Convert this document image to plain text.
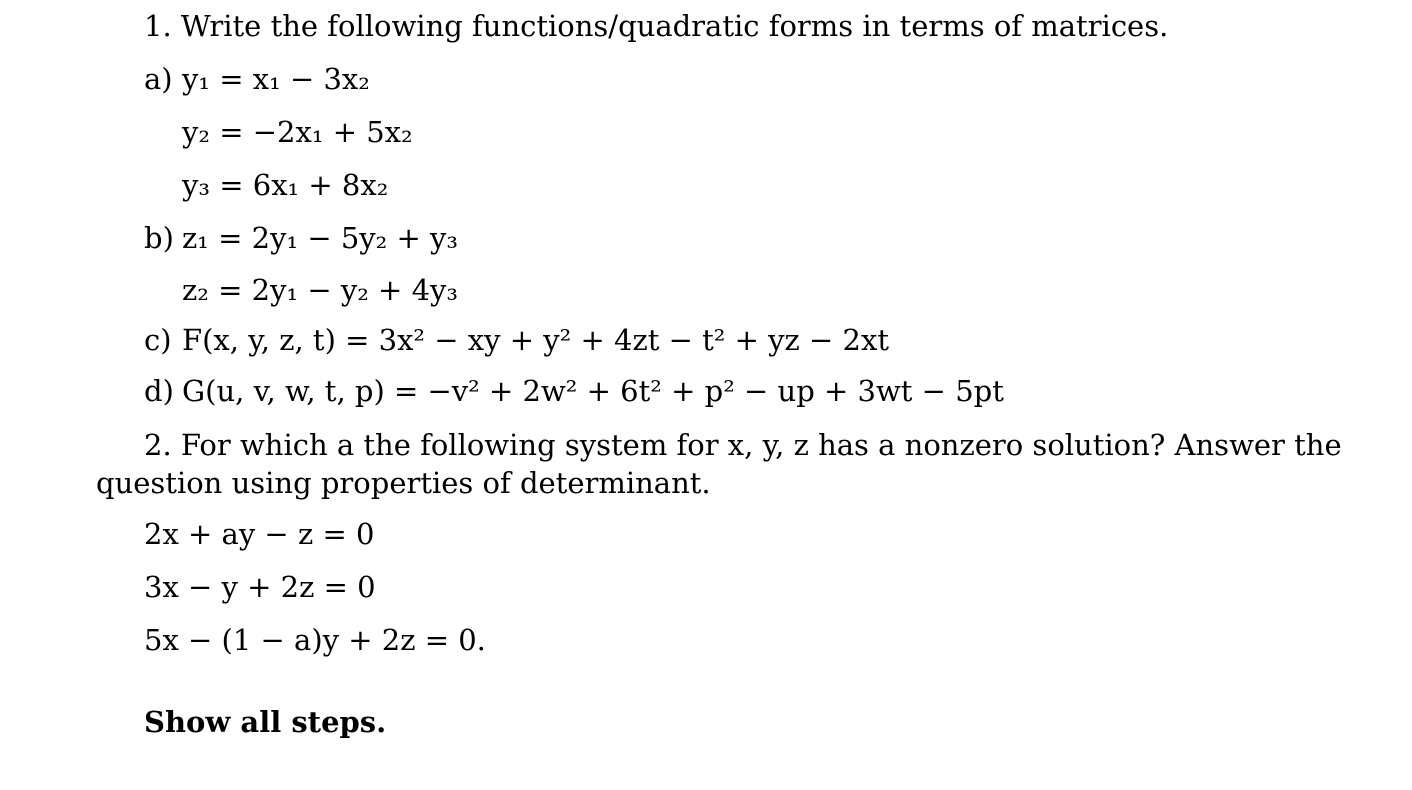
1. Write the following functions/quadratic forms in terms of matrices.
a) y₁ = x₁ − 3x₂
y₂ = −2x₁ + 5x₂
y₃ = 6x₁ + 8x₂
b) z₁ = 2y₁ − 5y₂ + y₃
z₂ = 2y₁ − y₂ + 4y₃
c) F(x, y, z, t) = 3x² − xy + y² + 4zt − t² + yz − 2xt
d) G(u, v, w, t, p) = −v² + 2w² + 6t² + p² − up + 3wt − 5pt
2. For which a the following system for x, y, z has a nonzero solution? Answer the question using properties of determinant.
2x + ay − z = 0
3x − y + 2z = 0
5x − (1 − a)y + 2z = 0.
Show all steps.
